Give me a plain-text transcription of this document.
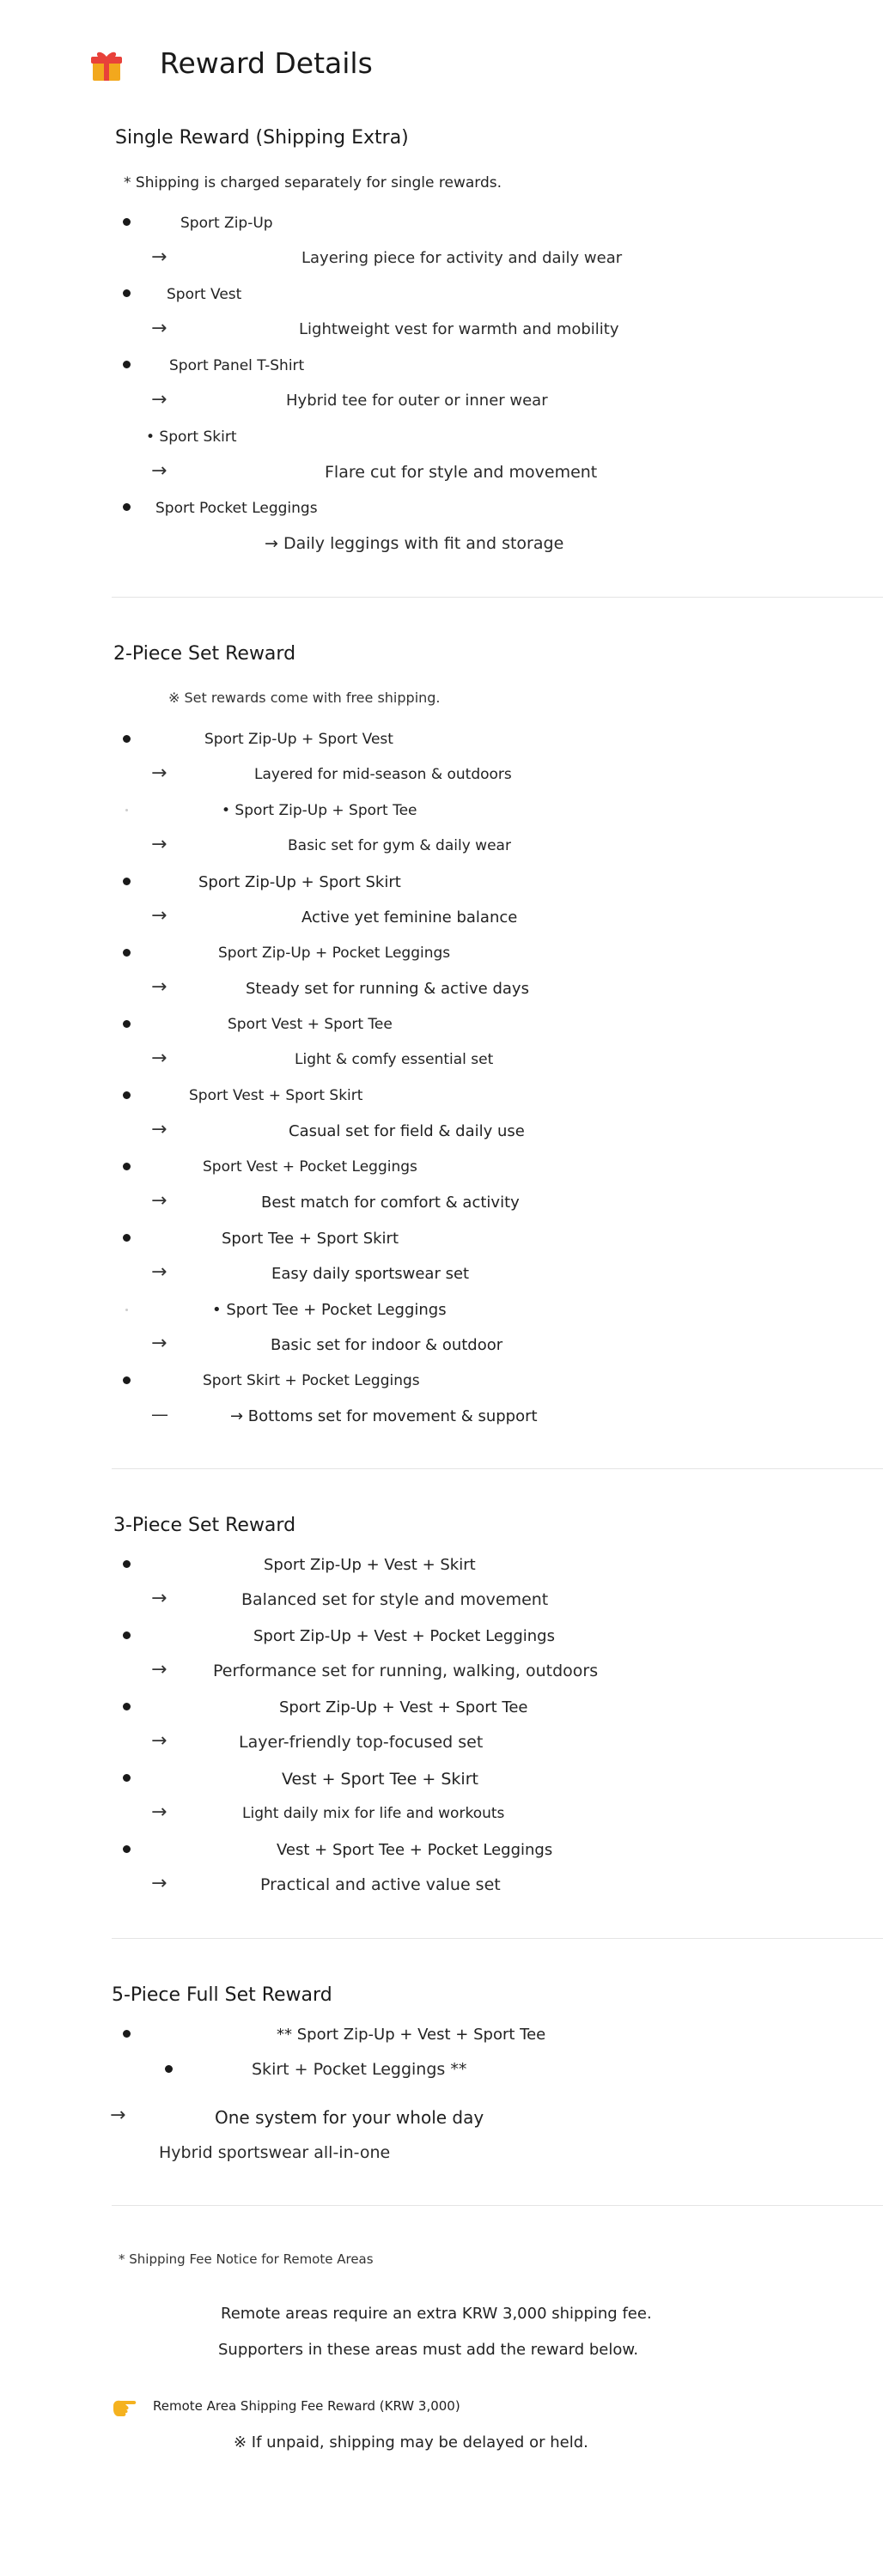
Reward Details
Single Reward (Shipping Extra)
* Shipping is charged separately for single rewards.
Sport Zip-Up
→	Layering piece for activity and daily wear
Sport Vest
→	Lightweight vest for warmth and mobility
Sport Panel T-Shirt
→	Hybrid tee for outer or inner wear
• Sport Skirt
→	Flare cut for style and movement
Sport Pocket Leggings
→ Daily leggings with fit and storage
2-Piece Set Reward
※ Set rewards come with free shipping.
Sport Zip-Up + Sport Vest
→	Layered for mid-season & outdoors
• Sport Zip-Up + Sport Tee
→	Basic set for gym & daily wear
Sport Zip-Up + Sport Skirt
→	Active yet feminine balance
Sport Zip-Up + Pocket Leggings
→	Steady set for running & active days
Sport Vest + Sport Tee
→	Light & comfy essential set
Sport Vest + Sport Skirt
→	Casual set for field & daily use
Sport Vest + Pocket Leggings
→	Best match for comfort & activity
Sport Tee + Sport Skirt
→	Easy daily sportswear set
• Sport Tee + Pocket Leggings
→	Basic set for indoor & outdoor
Sport Skirt + Pocket Leggings
—	→ Bottoms set for movement & support
3-Piece Set Reward
Sport Zip-Up + Vest + Skirt
→	Balanced set for style and movement
Sport Zip-Up + Vest + Pocket Leggings
→	Performance set for running, walking, outdoors
Sport Zip-Up + Vest + Sport Tee
→	Layer-friendly top-focused set
Vest + Sport Tee + Skirt
→	Light daily mix for life and workouts
Vest + Sport Tee + Pocket Leggings
→	Practical and active value set
5-Piece Full Set Reward
** Sport Zip-Up + Vest + Sport Tee
Skirt + Pocket Leggings **
→	One system for your whole day
Hybrid sportswear all-in-one
* Shipping Fee Notice for Remote Areas
Remote areas require an extra KRW 3,000 shipping fee.
Supporters in these areas must add the reward below.
Remote Area Shipping Fee Reward (KRW 3,000)
※ If unpaid, shipping may be delayed or held.
